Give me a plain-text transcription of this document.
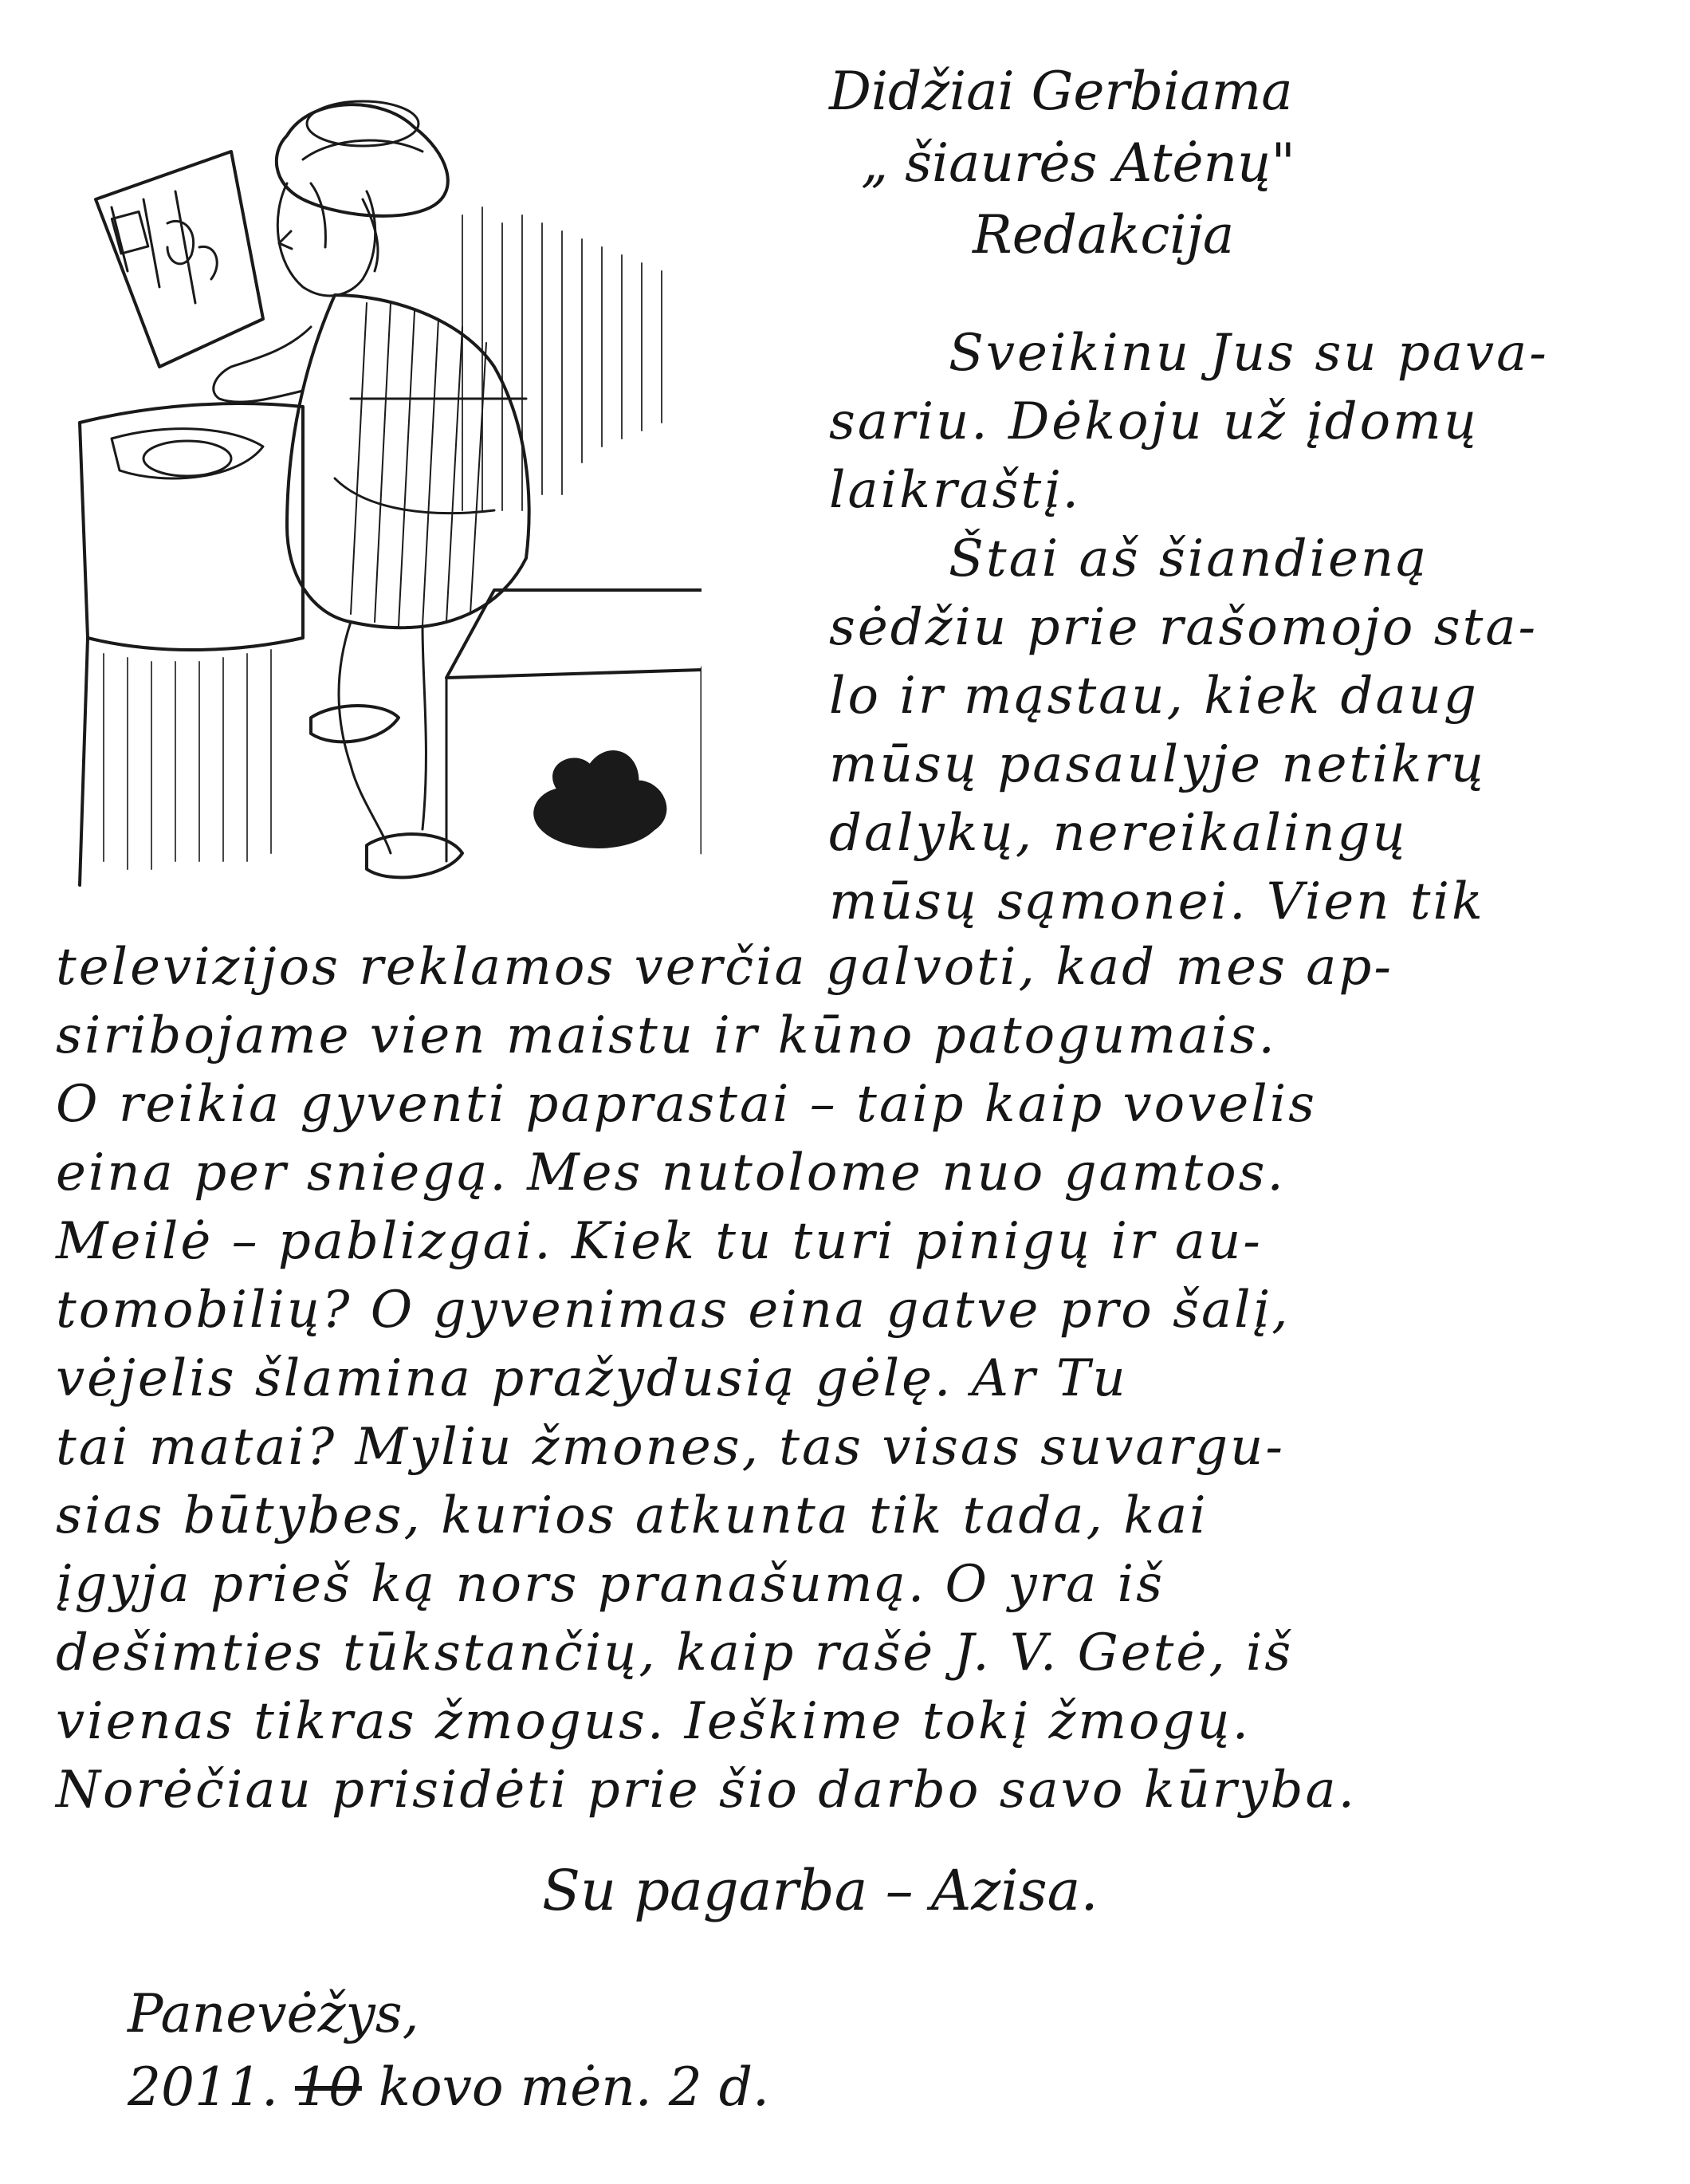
Didžiai Gerbiama
„ šiaurės Atėnų"
Redakcija
Sveikinu Jus su pava-
sariu. Dėkoju už įdomų
laikraštį.
Štai aš šiandieną
sėdžiu prie rašomojo sta-
lo ir mąstau, kiek daug
mūsų pasaulyje netikrų
dalykų, nereikalingų
mūsų sąmonei. Vien tik
televizijos reklamos verčia galvoti, kad mes ap-
siribojame vien maistu ir kūno patogumais.
O reikia gyventi paprastai – taip kaip vovelis
eina per sniegą. Mes nutolome nuo gamtos.
Meilė – pablizgai. Kiek tu turi pinigų ir au-
tomobilių? O gyvenimas eina gatve pro šalį,
vėjelis šlamina pražydusią gėlę. Ar Tu
tai matai? Myliu žmones, tas visas suvargu-
sias būtybes, kurios atkunta tik tada, kai
įgyja prieš ką nors pranašumą. O yra iš
dešimties tūkstančių, kaip rašė J. V. Getė, iš
vienas tikras žmogus. Ieškime tokį žmogų.
Norėčiau prisidėti prie šio darbo savo kūryba.
Su pagarba – Azisa.
Panevėžys,
2011. 10 kovo mėn. 2 d.
